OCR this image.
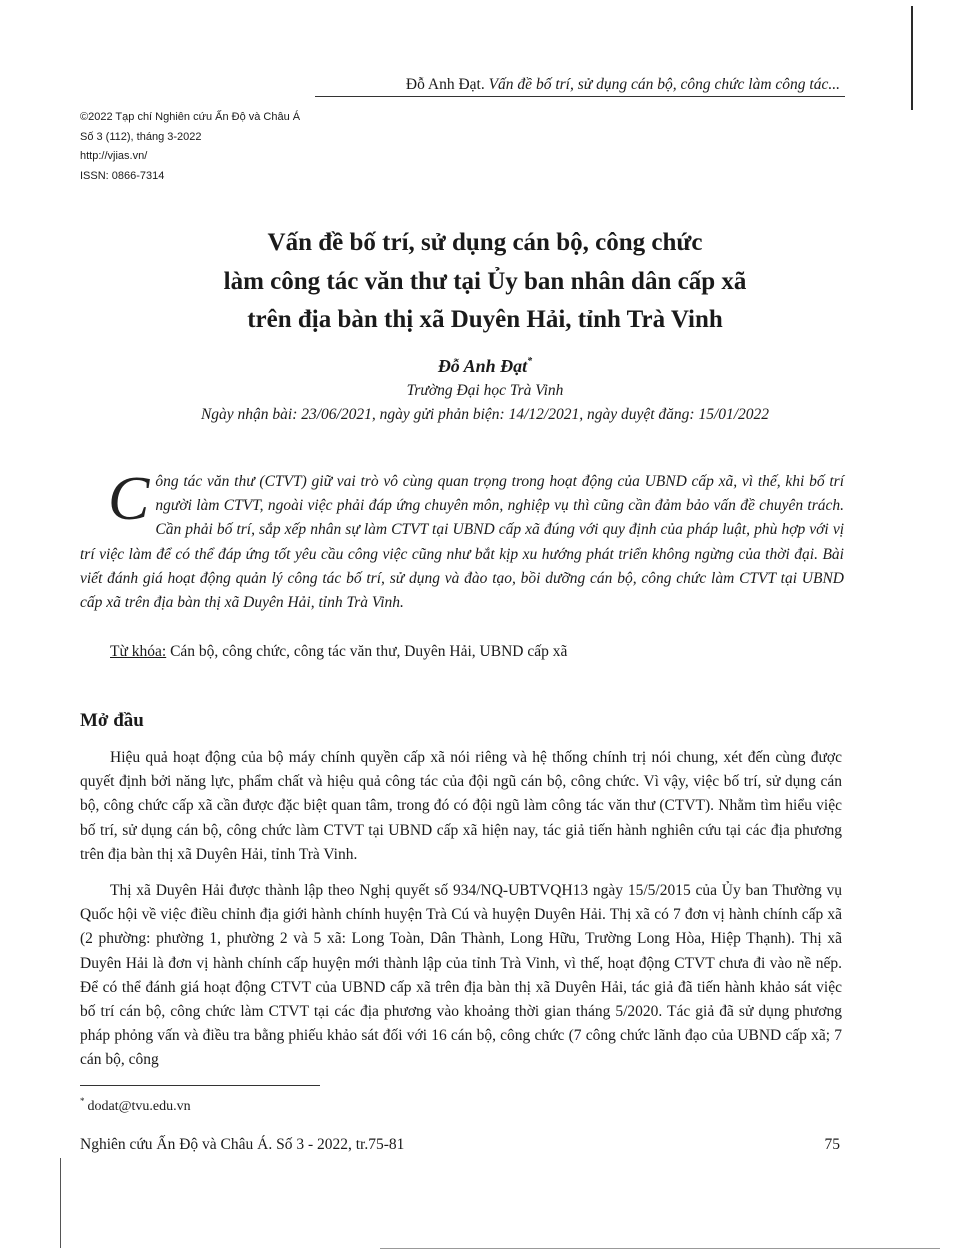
Đỗ Anh Đạt. Vấn đề bố trí, sử dụng cán bộ, công chức làm công tác...
©2022 Tạp chí Nghiên cứu Ấn Độ và Châu Á
Số 3 (112), tháng 3-2022
http://vjias.vn/
ISSN: 0866-7314
Vấn đề bố trí, sử dụng cán bộ, công chức
làm công tác văn thư tại Ủy ban nhân dân cấp xã
trên địa bàn thị xã Duyên Hải, tỉnh Trà Vinh
Đỗ Anh Đạt*
Trường Đại học Trà Vinh
Ngày nhận bài: 23/06/2021, ngày gửi phản biện: 14/12/2021, ngày duyệt đăng: 15/01/2022
Công tác văn thư (CTVT) giữ vai trò vô cùng quan trọng trong hoạt động của UBND cấp xã, vì thế, khi bố trí người làm CTVT, ngoài việc phải đáp ứng chuyên môn, nghiệp vụ thì cũng cần đảm bảo vấn đề chuyên trách. Cần phải bố trí, sắp xếp nhân sự làm CTVT tại UBND cấp xã đúng với quy định của pháp luật, phù hợp với vị trí việc làm để có thể đáp ứng tốt yêu cầu công việc cũng như bắt kịp xu hướng phát triển không ngừng của thời đại. Bài viết đánh giá hoạt động quản lý công tác bố trí, sử dụng và đào tạo, bồi dưỡng cán bộ, công chức làm CTVT tại UBND cấp xã trên địa bàn thị xã Duyên Hải, tỉnh Trà Vinh.
Từ khóa: Cán bộ, công chức, công tác văn thư, Duyên Hải, UBND cấp xã
Mở đầu

Hiệu quả hoạt động của bộ máy chính quyền cấp xã nói riêng và hệ thống chính trị nói chung, xét đến cùng được quyết định bởi năng lực, phẩm chất và hiệu quả công tác của đội ngũ cán bộ, công chức. Vì vậy, việc bố trí, sử dụng cán bộ, công chức cấp xã cần được đặc biệt quan tâm, trong đó có đội ngũ làm công tác văn thư (CTVT). Nhằm tìm hiểu việc bố trí, sử dụng cán bộ, công chức làm CTVT tại UBND cấp xã hiện nay, tác giả tiến hành nghiên cứu tại các địa phương trên địa bàn thị xã Duyên Hải, tỉnh Trà Vinh.

Thị xã Duyên Hải được thành lập theo Nghị quyết số 934/NQ-UBTVQH13 ngày 15/5/2015 của Ủy ban Thường vụ Quốc hội về việc điều chỉnh địa giới hành chính huyện Trà Cú và huyện Duyên Hải. Thị xã có 7 đơn vị hành chính cấp xã (2 phường: phường 1, phường 2 và 5 xã: Long Toàn, Dân Thành, Long Hữu, Trường Long Hòa, Hiệp Thạnh). Thị xã Duyên Hải là đơn vị hành chính cấp huyện mới thành lập của tỉnh Trà Vinh, vì thế, hoạt động CTVT chưa đi vào nề nếp. Để có thể đánh giá hoạt động CTVT của UBND cấp xã trên địa bàn thị xã Duyên Hải, tác giả đã tiến hành khảo sát việc bố trí cán bộ, công chức làm CTVT tại các địa phương vào khoảng thời gian tháng 5/2020. Tác giả đã sử dụng phương pháp phỏng vấn và điều tra bằng phiếu khảo sát đối với 16 cán bộ, công chức (7 công chức lãnh đạo của UBND cấp xã; 7 cán bộ, công

* dodat@tvu.edu.vn
Nghiên cứu Ấn Độ và Châu Á. Số 3 - 2022, tr.75-81	75
